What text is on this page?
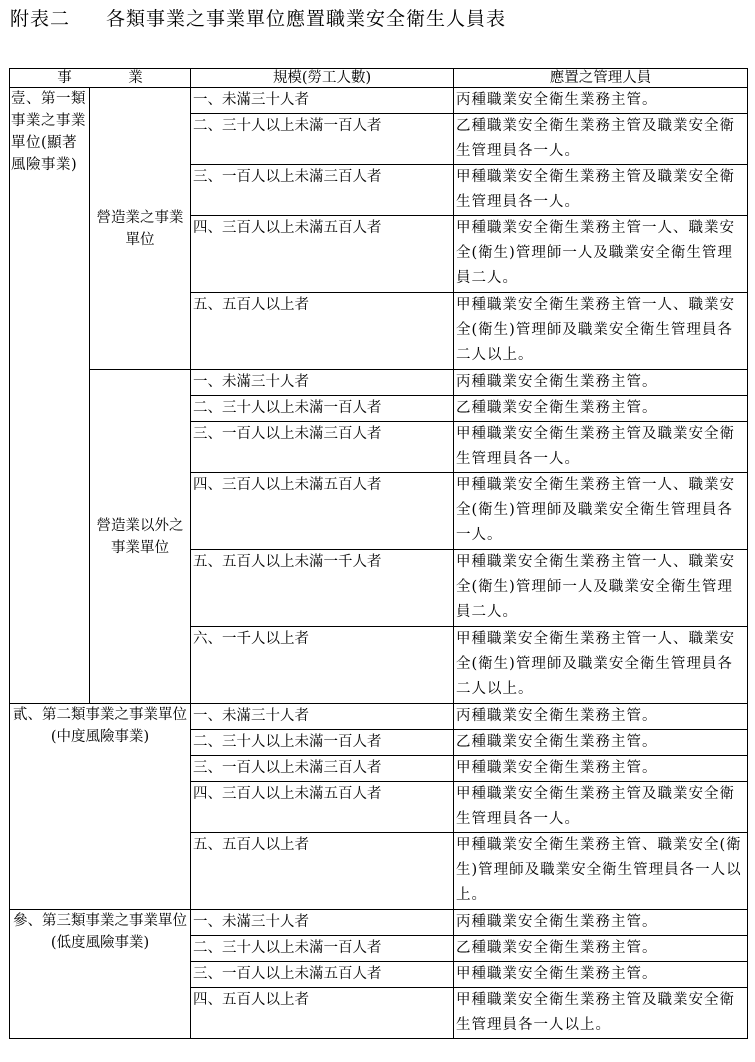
附表二 各類事業之事業單位應置職業安全衛生人員表
事 業		規模(勞工人數)	應置之管理人員
壹、第一類事業之事業單位(顯著風險事業)	營造業之事業單位	一、未滿三十人者	丙種職業安全衛生業務主管。
		二、三十人以上未滿一百人者	乙種職業安全衛生業務主管及職業安全衛生管理員各一人。
		三、一百人以上未滿三百人者	甲種職業安全衛生業務主管及職業安全衛生管理員各一人。
		四、三百人以上未滿五百人者	甲種職業安全衛生業務主管一人、職業安全(衛生)管理師一人及職業安全衛生管理員二人。
		五、五百人以上者	甲種職業安全衛生業務主管一人、職業安全(衛生)管理師及職業安全衛生管理員各二人以上。
	營造業以外之事業單位	一、未滿三十人者	丙種職業安全衛生業務主管。
		二、三十人以上未滿一百人者	乙種職業安全衛生業務主管。
		三、一百人以上未滿三百人者	甲種職業安全衛生業務主管及職業安全衛生管理員各一人。
		四、三百人以上未滿五百人者	甲種職業安全衛生業務主管一人、職業安全(衛生)管理師及職業安全衛生管理員各一人。
		五、五百人以上未滿一千人者	甲種職業安全衛生業務主管一人、職業安全(衛生)管理師一人及職業安全衛生管理員二人。
		六、一千人以上者	甲種職業安全衛生業務主管一人、職業安全(衛生)管理師及職業安全衛生管理員各二人以上。
貳、第二類事業之事業單位(中度風險事業)		一、未滿三十人者	丙種職業安全衛生業務主管。
		二、三十人以上未滿一百人者	乙種職業安全衛生業務主管。
		三、一百人以上未滿三百人者	甲種職業安全衛生業務主管。
		四、三百人以上未滿五百人者	甲種職業安全衛生業務主管及職業安全衛生管理員各一人。
		五、五百人以上者	甲種職業安全衛生業務主管、職業安全(衛生)管理師及職業安全衛生管理員各一人以上。
參、第三類事業之事業單位(低度風險事業)		一、未滿三十人者	丙種職業安全衛生業務主管。
		二、三十人以上未滿一百人者	乙種職業安全衛生業務主管。
		三、一百人以上未滿五百人者	甲種職業安全衛生業務主管。
		四、五百人以上者	甲種職業安全衛生業務主管及職業安全衛生管理員各一人以上。
